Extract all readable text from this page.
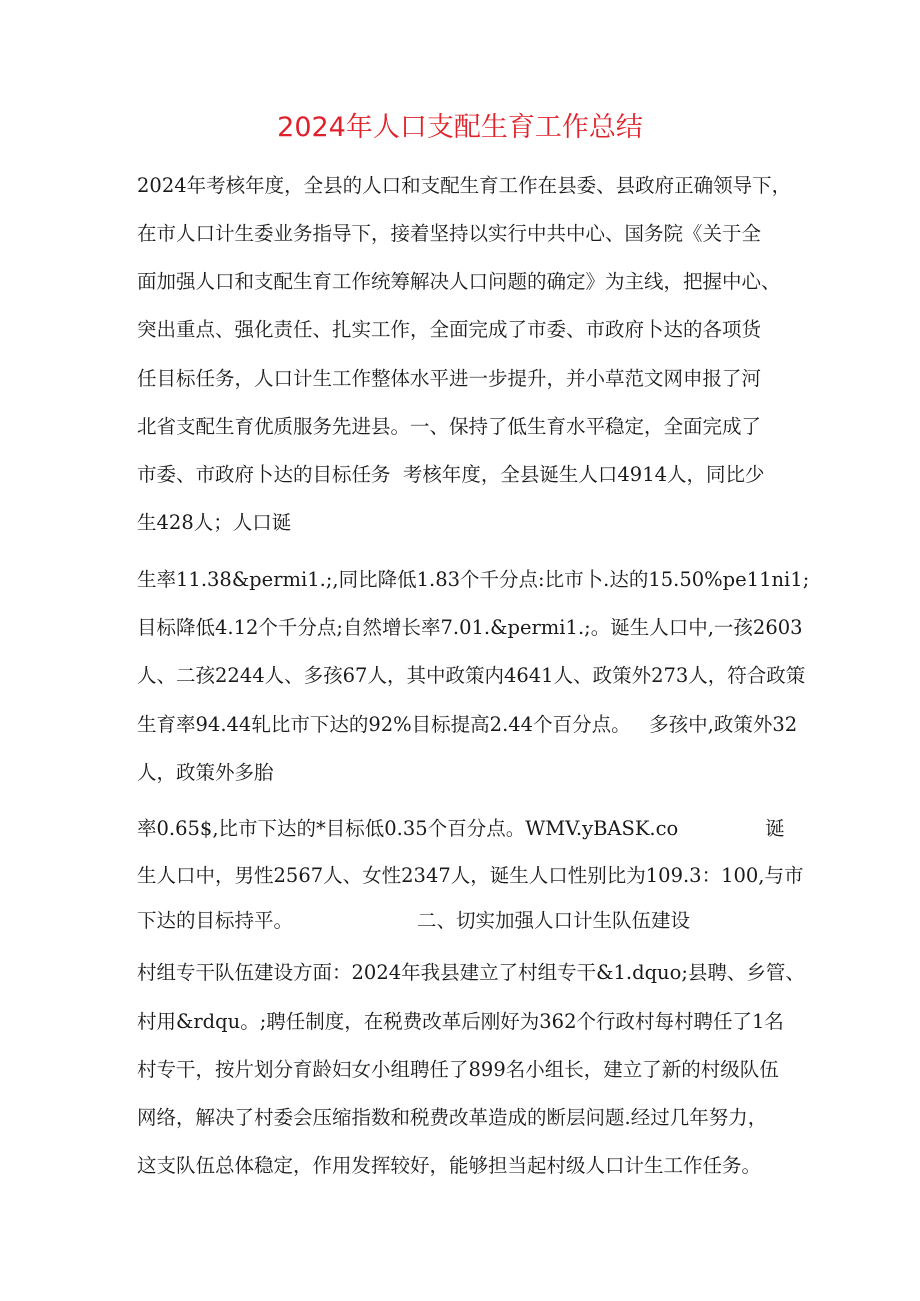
2024年人口支配生育工作总结
2024年考核年度，全县的人口和支配生育工作在县委、县政府正确领导下，
在市人口计生委业务指导下，接着坚持以实行中共中心、国务院《关于全
面加强人口和支配生育工作统筹解决人口问题的确定》为主线，把握中心、
突出重点、强化责任、扎实工作，全面完成了市委、市政府卜达的各项货
任目标任务，人口计生工作整体水平进一步提升，并小草范文网申报了河
北省支配生育优质服务先进县。一、保持了低生育水平稳定，全面完成了
市委、市政府卜达的目标任务  考核年度，全县诞生人口4914人，同比少
生428人；人口诞
生率11.38&permi1.;,同比降低1.83个千分点:比市卜.达的15.50%pe11ni1;
目标降低4.12个千分点;自然增长率7.01.&permi1.;。诞生人口中,一孩2603
人、二孩2244人、多孩67人，其中政策内4641人、政策外273人，符合政策
生育率94.44轧比市下达的92%目标提高2.44个百分点。   多孩中,政策外32
人，政策外多胎
率0.65$,比市下达的*目标低0.35个百分点。WMV.yBASK.co              诞
生人口中，男性2567人、女性2347人，诞生人口性别比为109.3：100,与市
下达的目标持平。                    二、切实加强人口计生队伍建设
村组专干队伍建设方面：2024年我县建立了村组专干&1.dquo;县聘、乡管、
村用&rdqu。;聘任制度，在税费改革后刚好为362个行政村每村聘任了1名
村专干，按片划分育龄妇女小组聘任了899名小组长，建立了新的村级队伍
网络，解决了村委会压缩指数和税费改革造成的断层问题.经过几年努力，
这支队伍总体稳定，作用发挥较好，能够担当起村级人口计生工作任务。
